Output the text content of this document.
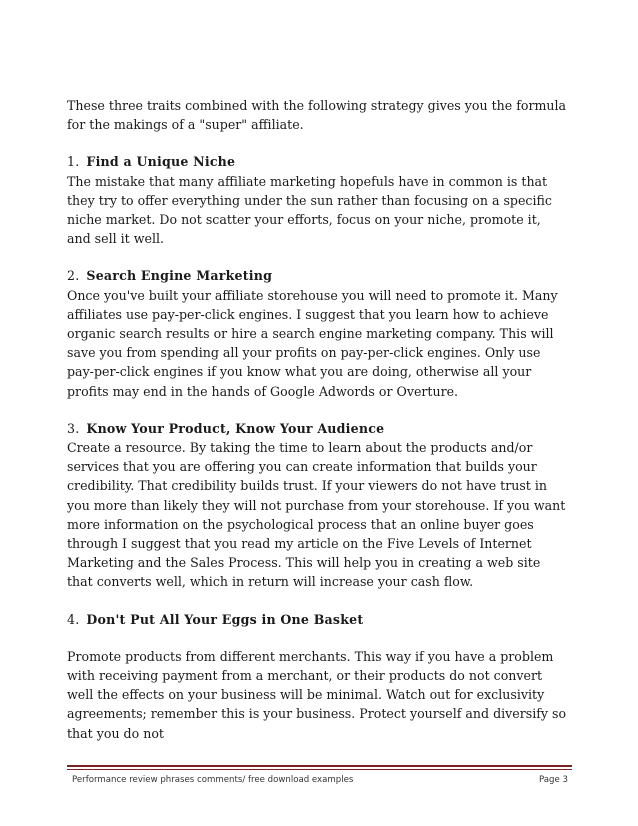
These three traits combined with the following strategy gives you the formula for the makings of a "super" affiliate.

1. Find a Unique Niche

The mistake that many affiliate marketing hopefuls have in common is that they try to offer everything under the sun rather than focusing on a specific niche market. Do not scatter your efforts, focus on your niche, promote it, and sell it well.

2. Search Engine Marketing

Once you've built your affiliate storehouse you will need to promote it. Many affiliates use pay-per-click engines. I suggest that you learn how to achieve organic search results or hire a search engine marketing company. This will save you from spending all your profits on pay-per-click engines. Only use pay-per-click engines if you know what you are doing, otherwise all your profits may end in the hands of Google Adwords or Overture.

3. Know Your Product, Know Your Audience

Create a resource. By taking the time to learn about the products and/or services that you are offering you can create information that builds your credibility. That credibility builds trust. If your viewers do not have trust in you more than likely they will not purchase from your storehouse. If you want more information on the psychological process that an online buyer goes through I suggest that you read my article on the Five Levels of Internet Marketing and the Sales Process. This will help you in creating a web site that converts well, which in return will increase your cash flow.

4. Don't Put All Your Eggs in One Basket

Promote products from different merchants. This way if you have a problem with receiving payment from a merchant, or their products do not convert well the effects on your business will be minimal. Watch out for exclusivity agreements; remember this is your business. Protect yourself and diversify so that you do not

Performance review phrases comments/ free download examples	Page 3
